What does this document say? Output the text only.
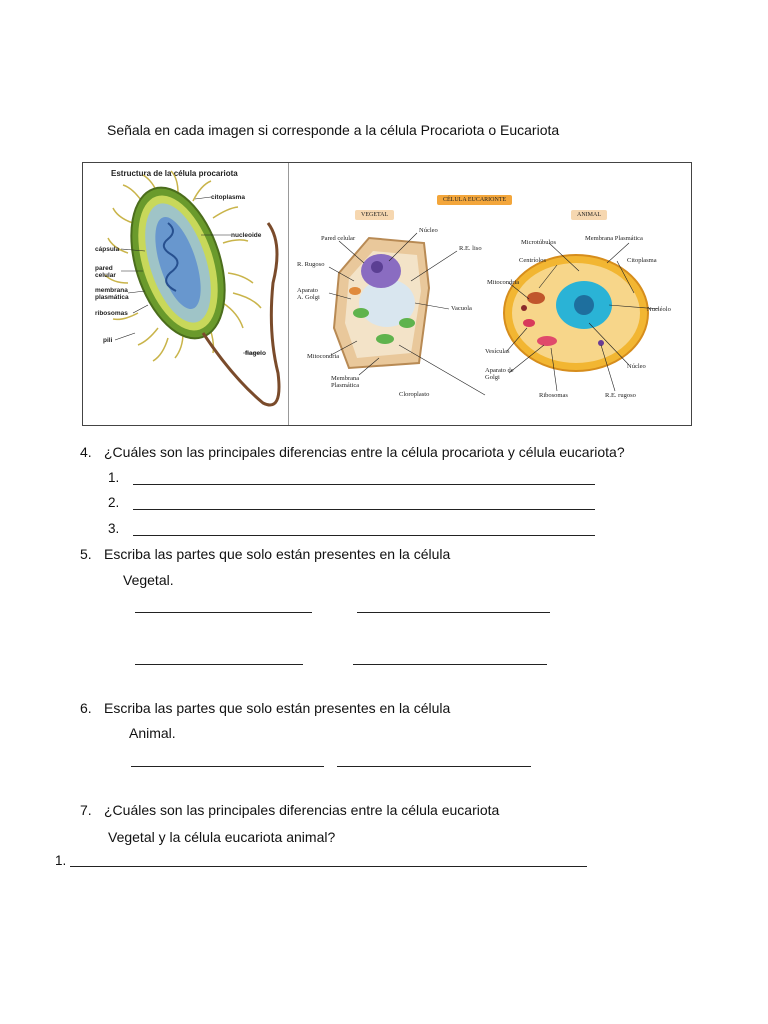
Señala en cada imagen si corresponde a la célula Procariota o Eucariota
Estructura de la célula procariota
citoplasma
nucleoide
cápsula
pared
celular
membrana
plasmática
ribosomas
pili
flagelo
CÉLULA EUCARIONTE
VEGETAL	ANIMAL
Pared celular
Núcleo
R.E. liso
R. Rugoso
Aparato
A. Golgi
Vacuola
Mitocondria
Membrana
Plasmática
Cloroplasto
Microtúbulos
Membrana Plasmática
Centríolos	Citoplasma
Mitocondria
Nucléolo
Vesículas
Núcleo
Aparato de
Golgi
Ribosomas	R.E. rugoso
4. ¿Cuáles son las principales diferencias entre la célula procariota y célula eucariota?
1.
2.
3.
5. Escriba las partes que solo están presentes en la célula
Vegetal.
6. Escriba las partes que solo están presentes en la célula
Animal.
7. ¿Cuáles son las principales diferencias entre la célula eucariota
Vegetal y la célula eucariota animal?
1.
